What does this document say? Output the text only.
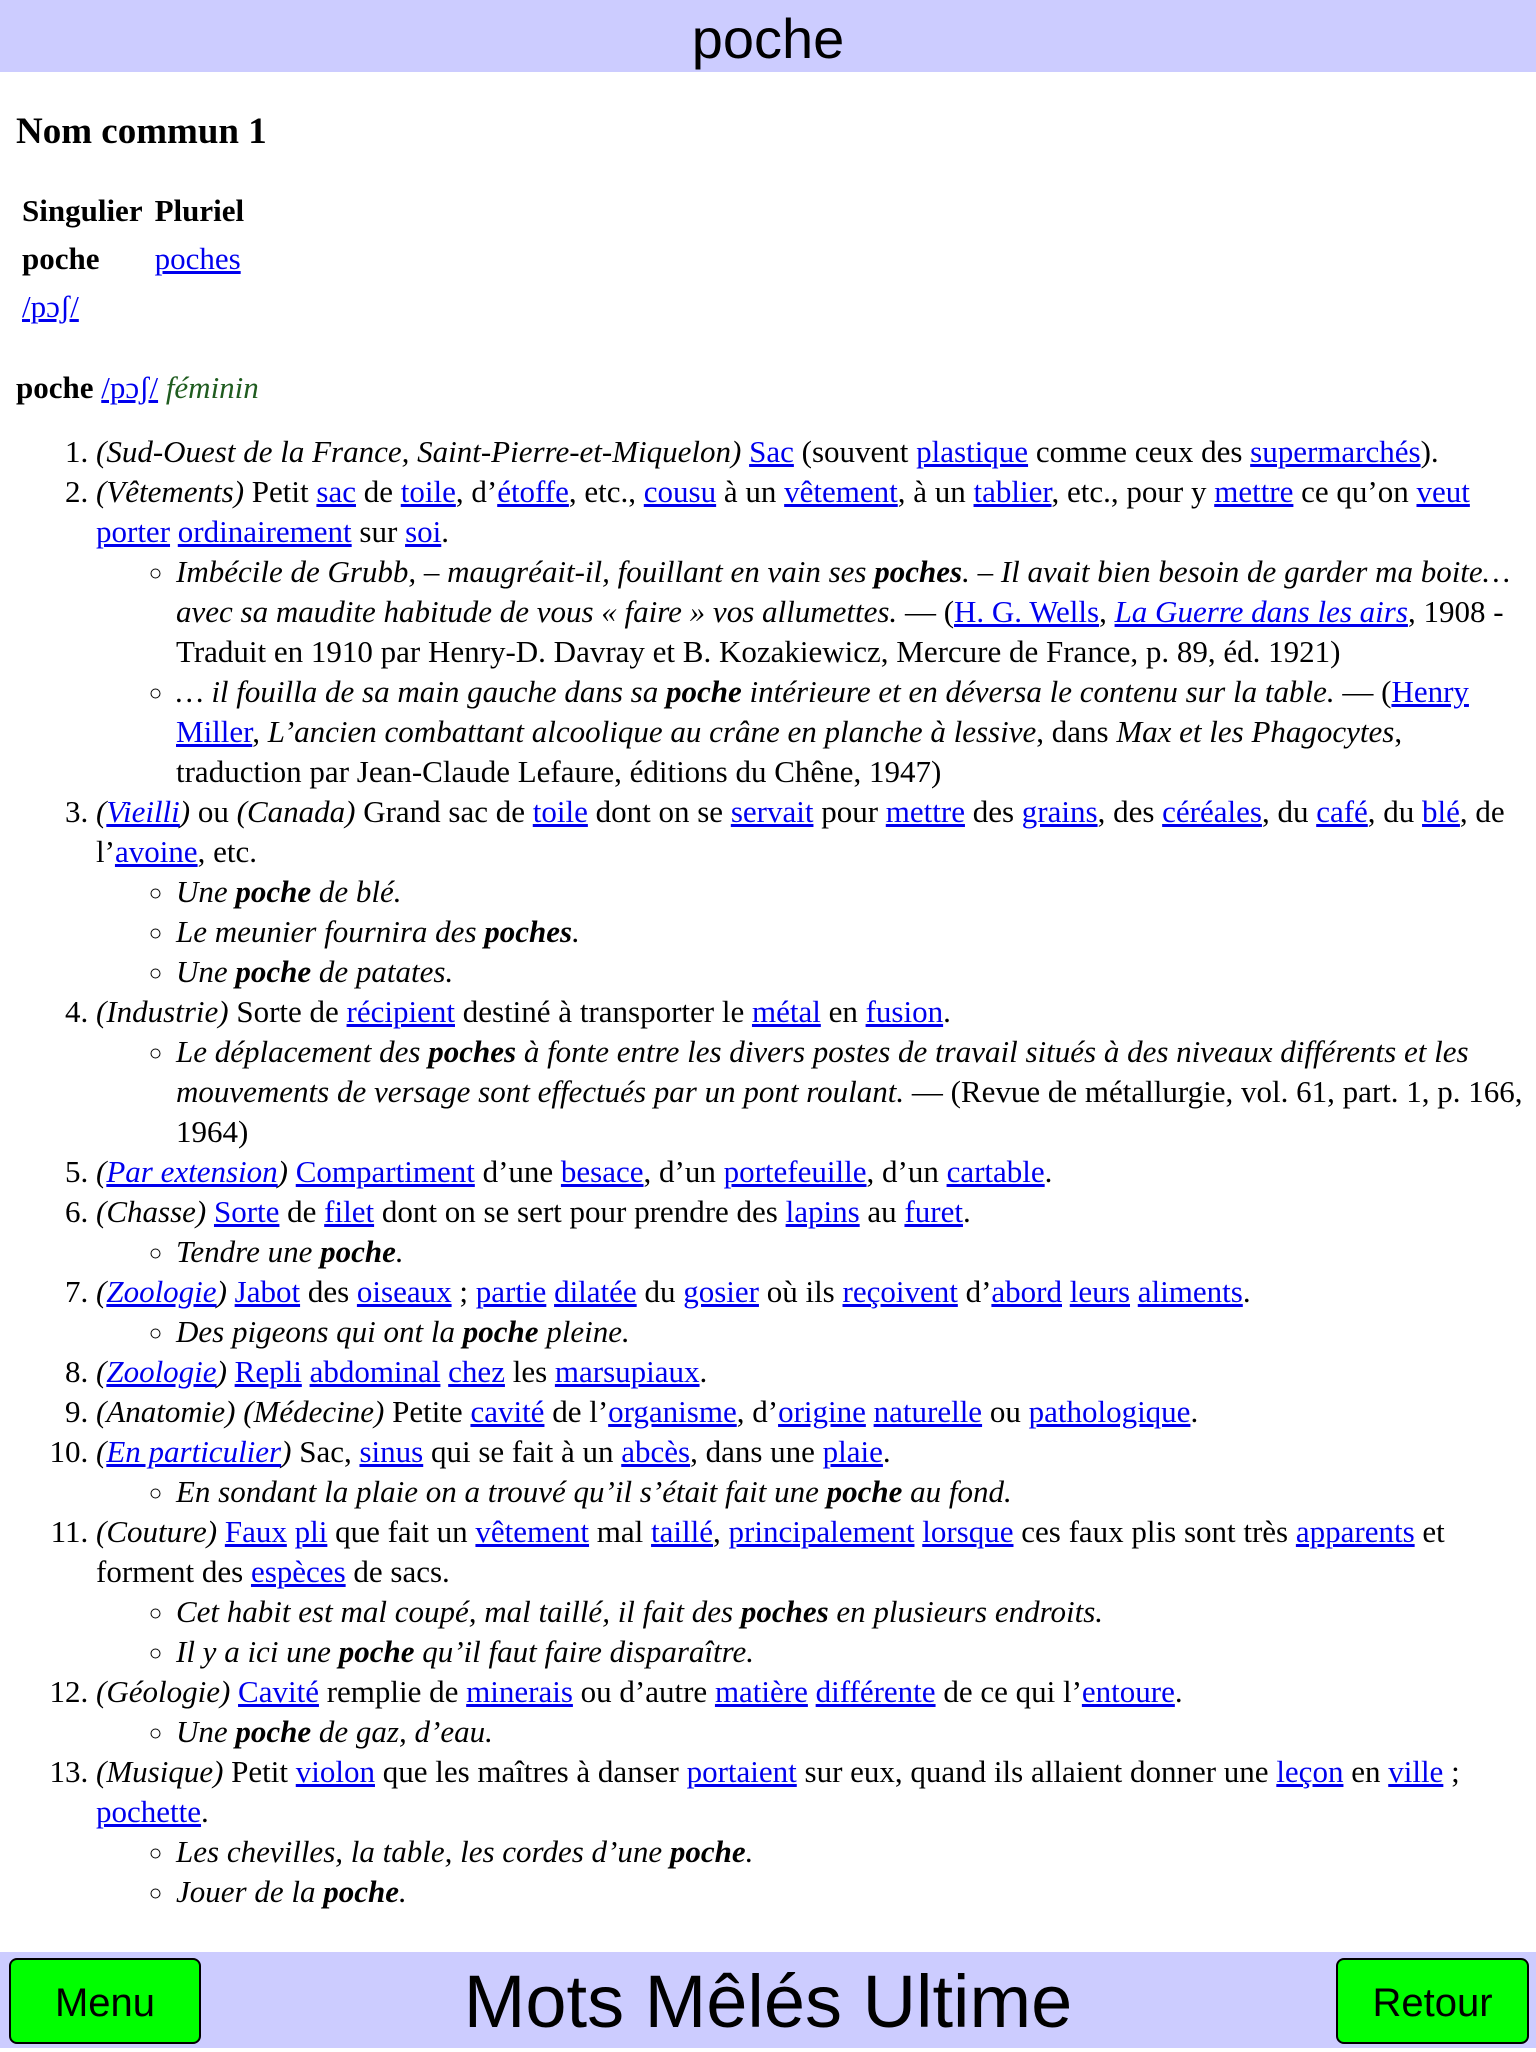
poche
Nom commun 1
Singulier	Pluriel
poche	poches
/pɔʃ/	
poche /pɔʃ/ féminin
1. (Sud-Ouest de la France, Saint-Pierre-et-Miquelon) Sac (souvent plastique comme ceux des supermarchés).
2. (Vêtements) Petit sac de toile, d’étoffe, etc., cousu à un vêtement, à un tablier, etc., pour y mettre ce qu’on veut porter ordinairement sur soi.
◦ Imbécile de Grubb, – maugréait-il, fouillant en vain ses poches. – Il avait bien besoin de garder ma boite… avec sa maudite habitude de vous « faire » vos allumettes. — (H. G. Wells, La Guerre dans les airs, 1908 - Traduit en 1910 par Henry-D. Davray et B. Kozakiewicz, Mercure de France, p. 89, éd. 1921)
◦ … il fouilla de sa main gauche dans sa poche intérieure et en déversa le contenu sur la table. — (Henry Miller, L’ancien combattant alcoolique au crâne en planche à lessive, dans Max et les Phagocytes, traduction par Jean-Claude Lefaure, éditions du Chêne, 1947)
3. (Vieilli) ou (Canada) Grand sac de toile dont on se servait pour mettre des grains, des céréales, du café, du blé, de l’avoine, etc.
◦ Une poche de blé.
◦ Le meunier fournira des poches.
◦ Une poche de patates.
4. (Industrie) Sorte de récipient destiné à transporter le métal en fusion.
◦ Le déplacement des poches à fonte entre les divers postes de travail situés à des niveaux différents et les mouvements de versage sont effectués par un pont roulant. — (Revue de métallurgie, vol. 61, part. 1, p. 166, 1964)
5. (Par extension) Compartiment d’une besace, d’un portefeuille, d’un cartable.
6. (Chasse) Sorte de filet dont on se sert pour prendre des lapins au furet.
◦ Tendre une poche.
7. (Zoologie) Jabot des oiseaux ; partie dilatée du gosier où ils reçoivent d’abord leurs aliments.
◦ Des pigeons qui ont la poche pleine.
8. (Zoologie) Repli abdominal chez les marsupiaux.
9. (Anatomie) (Médecine) Petite cavité de l’organisme, d’origine naturelle ou pathologique.
10. (En particulier) Sac, sinus qui se fait à un abcès, dans une plaie.
◦ En sondant la plaie on a trouvé qu’il s’était fait une poche au fond.
11. (Couture) Faux pli que fait un vêtement mal taillé, principalement lorsque ces faux plis sont très apparents et forment des espèces de sacs.
◦ Cet habit est mal coupé, mal taillé, il fait des poches en plusieurs endroits.
◦ Il y a ici une poche qu’il faut faire disparaître.
12. (Géologie) Cavité remplie de minerais ou d’autre matière différente de ce qui l’entoure.
◦ Une poche de gaz, d’eau.
13. (Musique) Petit violon que les maîtres à danser portaient sur eux, quand ils allaient donner une leçon en ville ; pochette.
◦ Les chevilles, la table, les cordes d’une poche.
◦ Jouer de la poche.
Mots Mêlés Ultime
Menu	Retour
